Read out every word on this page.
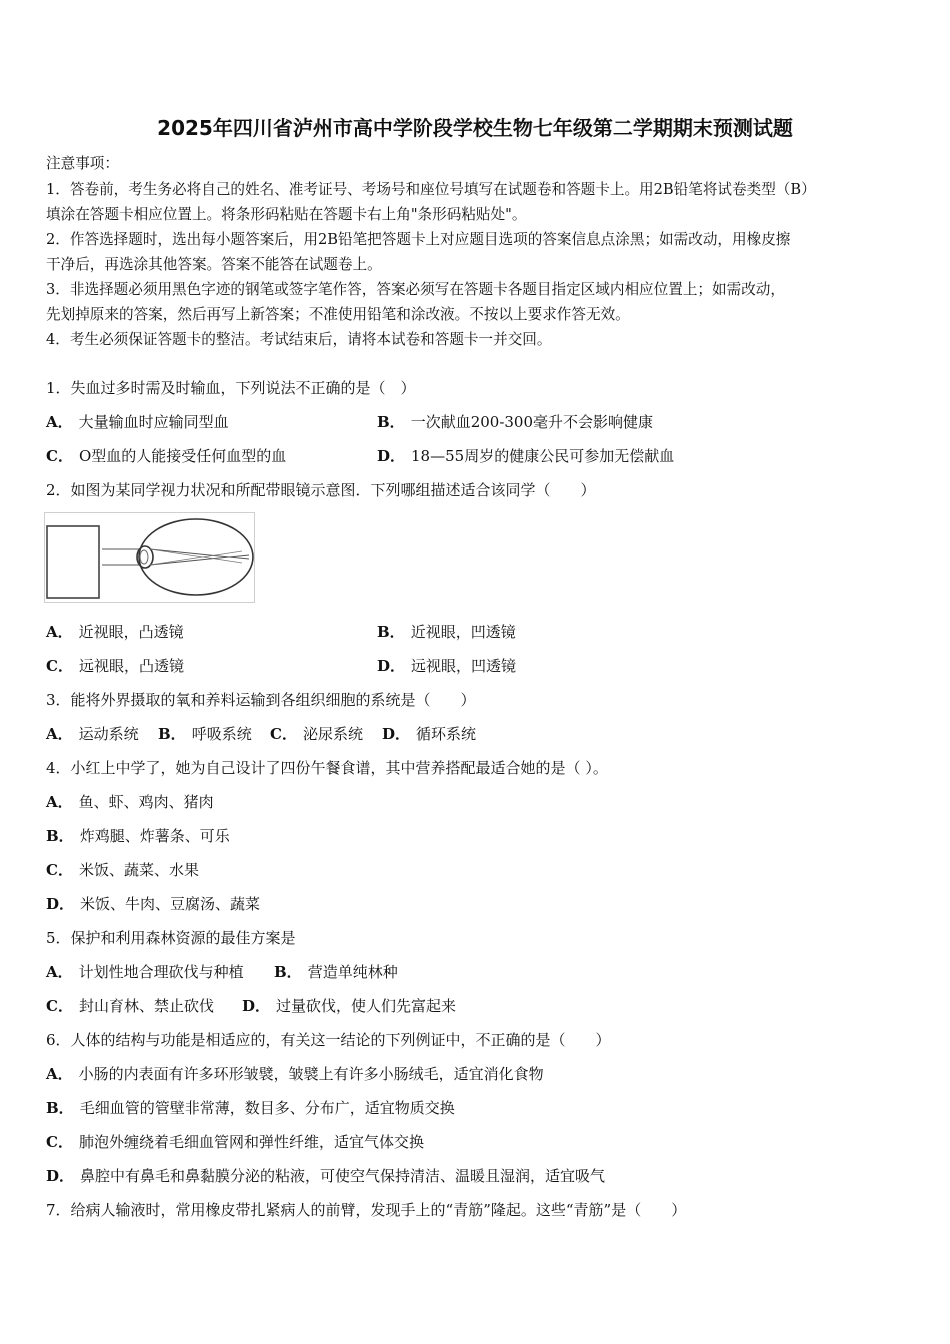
2025年四川省泸州市高中学阶段学校生物七年级第二学期期末预测试题
注意事项：
1．答卷前，考生务必将自己的姓名、准考证号、考场号和座位号填写在试题卷和答题卡上。用2B铅笔将试卷类型（B）
填涂在答题卡相应位置上。将条形码粘贴在答题卡右上角"条形码粘贴处"。
2．作答选择题时，选出每小题答案后，用2B铅笔把答题卡上对应题目选项的答案信息点涂黑；如需改动，用橡皮擦
干净后，再选涂其他答案。答案不能答在试题卷上。
3．非选择题必须用黑色字迹的钢笔或签字笔作答，答案必须写在答题卡各题目指定区域内相应位置上；如需改动，
先划掉原来的答案，然后再写上新答案；不准使用铅笔和涂改液。不按以上要求作答无效。
4．考生必须保证答题卡的整洁。考试结束后，请将本试卷和答题卡一并交回。
1．失血过多时需及时输血，下列说法不正确的是（　）
A． 大量输血时应输同型血	B． 一次献血200-300毫升不会影响健康
C． O型血的人能接受任何血型的血	D． 18—55周岁的健康公民可参加无偿献血
2．如图为某同学视力状况和所配带眼镜示意图．下列哪组描述适合该同学（　　）
A． 近视眼，凸透镜	B． 近视眼，凹透镜
C． 远视眼，凸透镜	D． 远视眼，凹透镜
3．能将外界摄取的氧和养料运输到各组织细胞的系统是（　　）
A． 运动系统 B． 呼吸系统 C． 泌尿系统 D． 循环系统
4．小红上中学了，她为自己设计了四份午餐食谱，其中营养搭配最适合她的是（ ）。
A． 鱼、虾、鸡肉、猪肉
B． 炸鸡腿、炸薯条、可乐
C． 米饭、蔬菜、水果
D． 米饭、牛肉、豆腐汤、蔬菜
5．保护和利用森林资源的最佳方案是
A． 计划性地合理砍伐与种植 B． 营造单纯林种
C． 封山育林、禁止砍伐 D． 过量砍伐，使人们先富起来
6．人体的结构与功能是相适应的，有关这一结论的下列例证中，不正确的是（　　）
A． 小肠的内表面有许多环形皱襞，皱襞上有许多小肠绒毛，适宜消化食物
B． 毛细血管的管壁非常薄，数目多、分布广，适宜物质交换
C． 肺泡外缠绕着毛细血管网和弹性纤维，适宜气体交换
D． 鼻腔中有鼻毛和鼻黏膜分泌的粘液，可使空气保持清洁、温暖且湿润，适宜吸气
7．给病人输液时，常用橡皮带扎紧病人的前臂，发现手上的“青筋”隆起。这些“青筋”是（　　）
